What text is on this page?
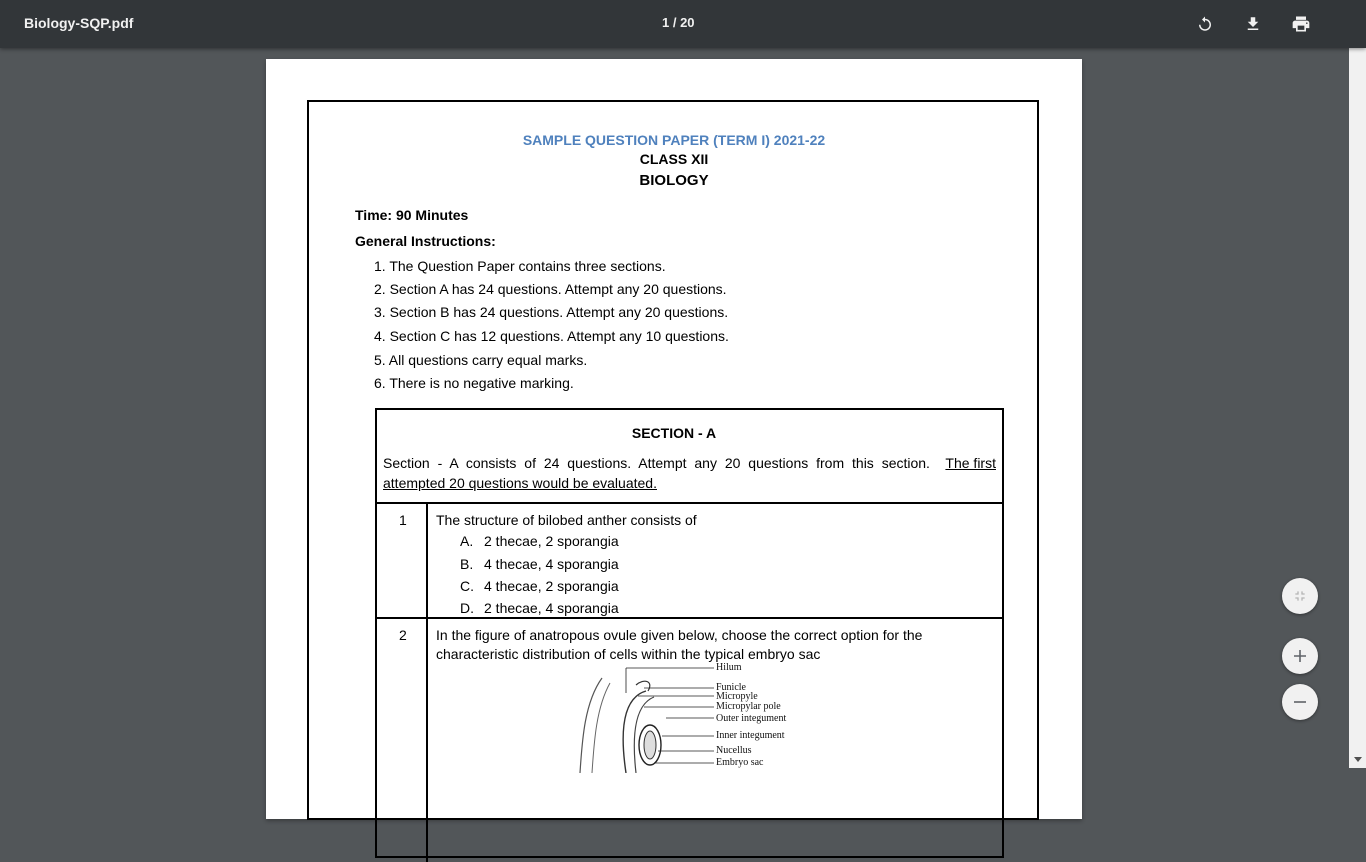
Biology-SQP.pdf	1 / 20
SAMPLE QUESTION PAPER (TERM I) 2021-22
CLASS XII
BIOLOGY
Time: 90 Minutes
General Instructions:
1. The Question Paper contains three sections.
2. Section A has 24 questions. Attempt any 20 questions.
3. Section B has 24 questions. Attempt any 20 questions.
4. Section C has 12 questions. Attempt any 10 questions.
5. All questions carry equal marks.
6. There is no negative marking.
SECTION - A
Section - A consists of 24 questions. Attempt any 20 questions from this section. The first
attempted 20 questions would be evaluated.
1 The structure of bilobed anther consists of
A. 2 thecae, 2 sporangia
B. 4 thecae, 4 sporangia
C. 4 thecae, 2 sporangia
D. 2 thecae, 4 sporangia
2 In the figure of anatropous ovule given below, choose the correct option for the
characteristic distribution of cells within the typical embryo sac
Hilum
Funicle
Micropyle
Micropylar pole
Outer integument
Inner integument
Nucellus
Embryo sac
